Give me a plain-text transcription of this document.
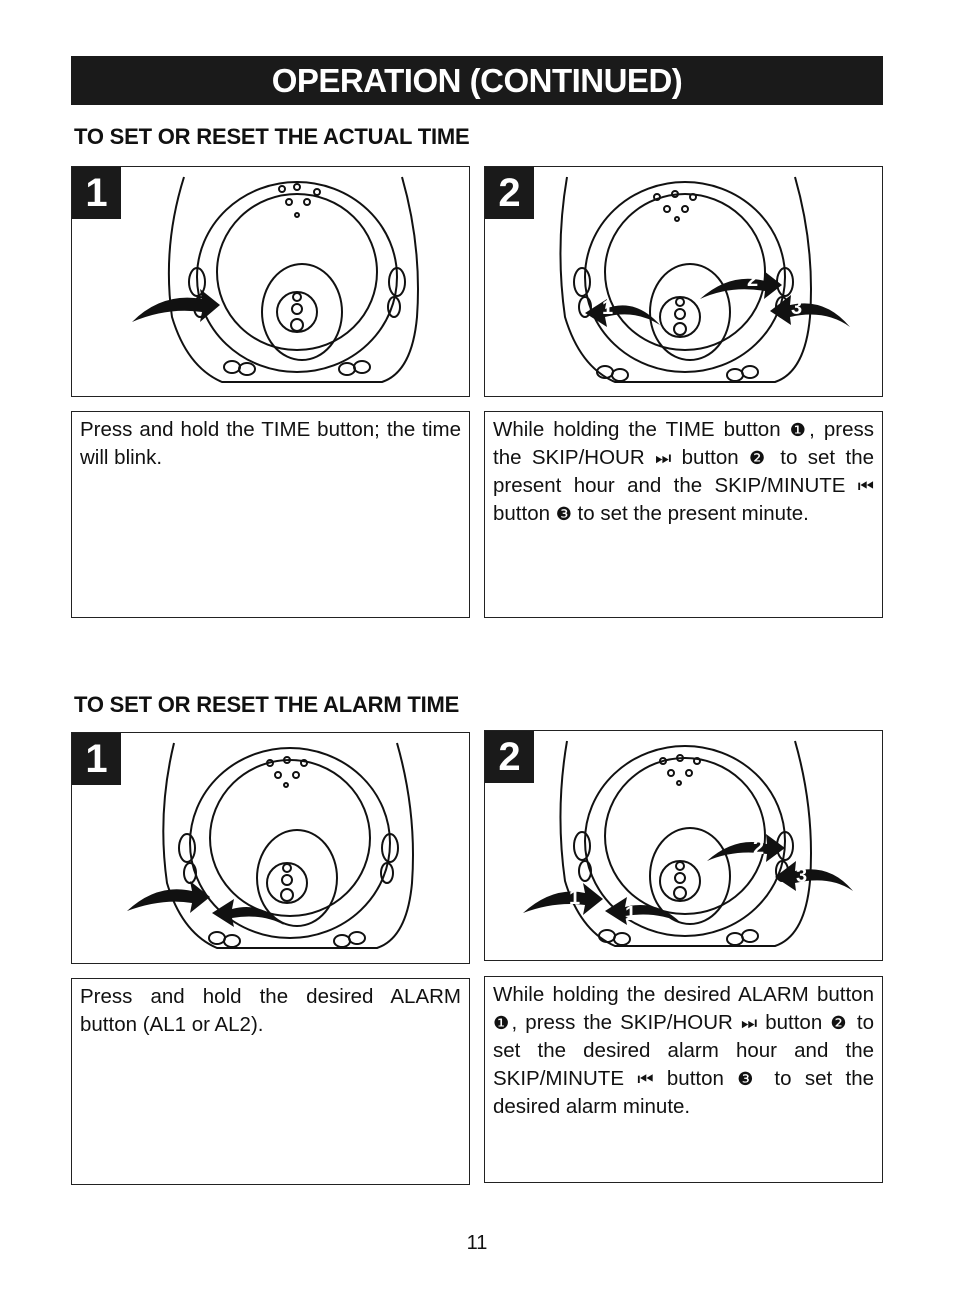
OPERATION (CONTINUED)
TO SET OR RESET THE ACTUAL TIME
1
1
2
3
2
Press and hold the TIME button; the time will blink.
While holding the TIME button ❶, press the SKIP/HOUR ⏭ button ❷ to set the present hour and the SKIP/MINUTE ⏮ button ❸ to set the present minute.
TO SET OR RESET THE ALARM TIME
1
1
1
2
3
2
Press and hold the desired ALARM button (AL1 or AL2).
While holding the desired ALARM button ❶, press the SKIP/HOUR ⏭ button ❷ to set the desired alarm hour and the SKIP/MINUTE ⏮ button ❸ to set the desired alarm minute.
11
